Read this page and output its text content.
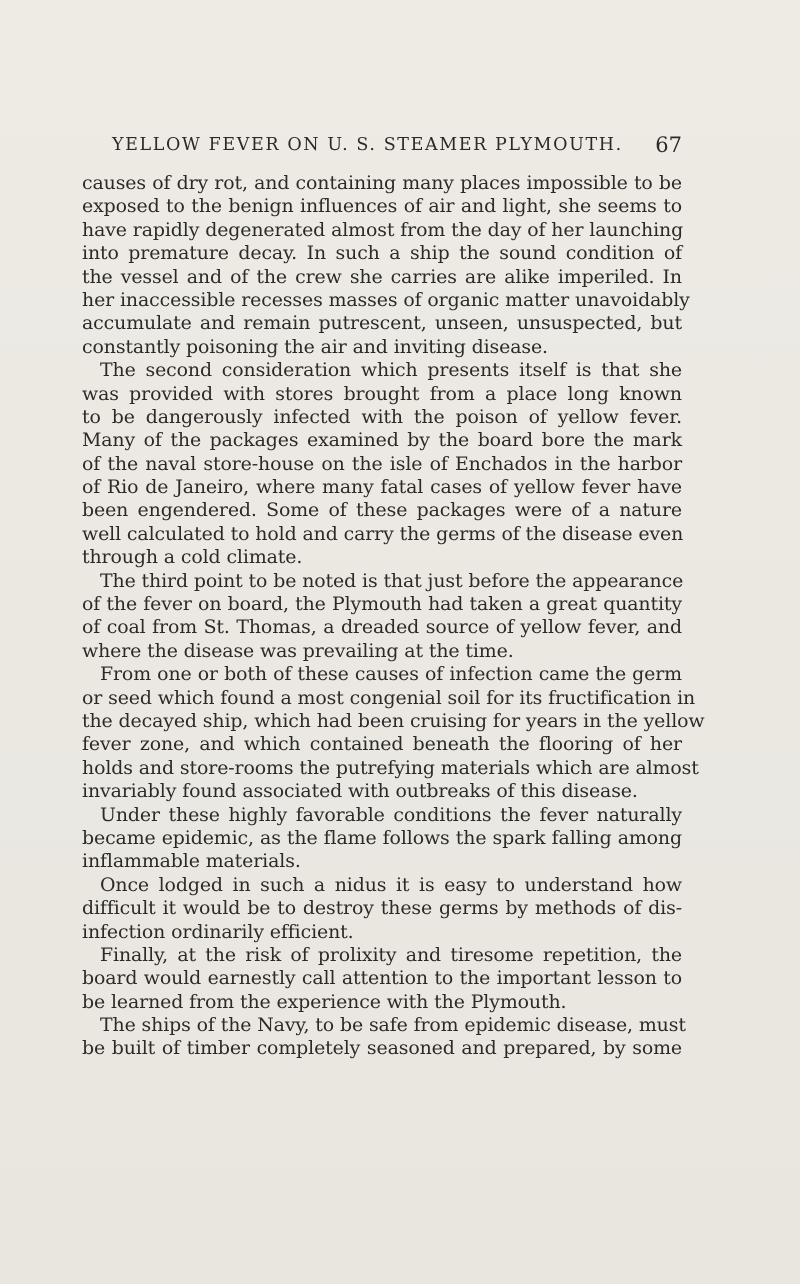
YELLOW FEVER ON U. S. STEAMER PLYMOUTH. 67
causes of dry rot, and containing many places impossible to be
exposed to the benign influences of air and light, she seems to
have rapidly degenerated almost from the day of her launching
into premature decay. In such a ship the sound condition of
the vessel and of the crew she carries are alike imperiled. In
her inaccessible recesses masses of organic matter unavoidably
accumulate and remain putrescent, unseen, unsuspected, but
constantly poisoning the air and inviting disease.
The second consideration which presents itself is that she
was provided with stores brought from a place long known
to be dangerously infected with the poison of yellow fever.
Many of the packages examined by the board bore the mark
of the naval store-house on the isle of Enchados in the harbor
of Rio de Janeiro, where many fatal cases of yellow fever have
been engendered. Some of these packages were of a nature
well calculated to hold and carry the germs of the disease even
through a cold climate.
The third point to be noted is that just before the appearance
of the fever on board, the Plymouth had taken a great quantity
of coal from St. Thomas, a dreaded source of yellow fever, and
where the disease was prevailing at the time.
From one or both of these causes of infection came the germ
or seed which found a most congenial soil for its fructification in
the decayed ship, which had been cruising for years in the yellow
fever zone, and which contained beneath the flooring of her
holds and store-rooms the putrefying materials which are almost
invariably found associated with outbreaks of this disease.
Under these highly favorable conditions the fever naturally
became epidemic, as the flame follows the spark falling among
inflammable materials.
Once lodged in such a nidus it is easy to understand how
difficult it would be to destroy these germs by methods of dis-
infection ordinarily efficient.
Finally, at the risk of prolixity and tiresome repetition, the
board would earnestly call attention to the important lesson to
be learned from the experience with the Plymouth.
The ships of the Navy, to be safe from epidemic disease, must
be built of timber completely seasoned and prepared, by some
